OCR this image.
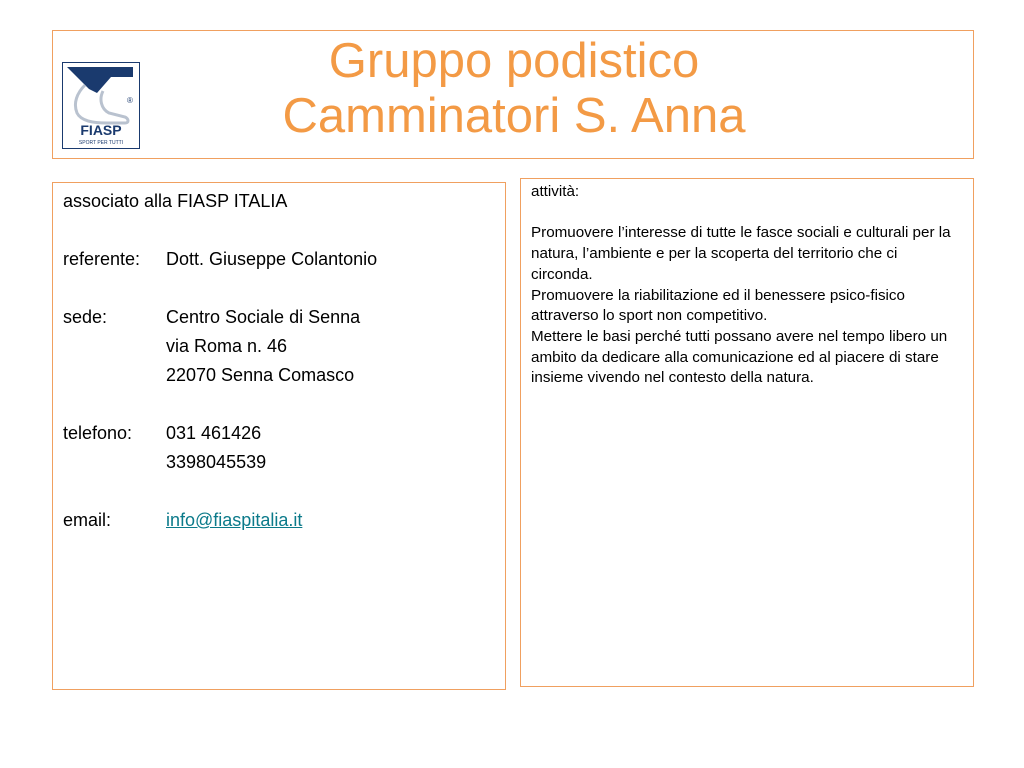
®
FIASP
SPORT PER TUTTI
Gruppo podistico
Camminatori S. Anna
associato alla FIASP ITALIA
referente:	Dott. Giuseppe Colantonio
sede:	Centro Sociale di Senna
via Roma n. 46
22070 Senna Comasco
telefono:	031 461426
3398045539
email:	info@fiaspitalia.it

attività:

Promuovere l’interesse di tutte le fasce sociali e culturali per la natura, l’ambiente e per la scoperta del territorio che ci circonda.

Promuovere la riabilitazione ed il benessere psico-fisico attraverso lo sport non competitivo.

Mettere le basi perché tutti possano avere nel tempo libero un ambito da dedicare alla comunicazione ed al piacere di stare insieme vivendo nel contesto della natura.
